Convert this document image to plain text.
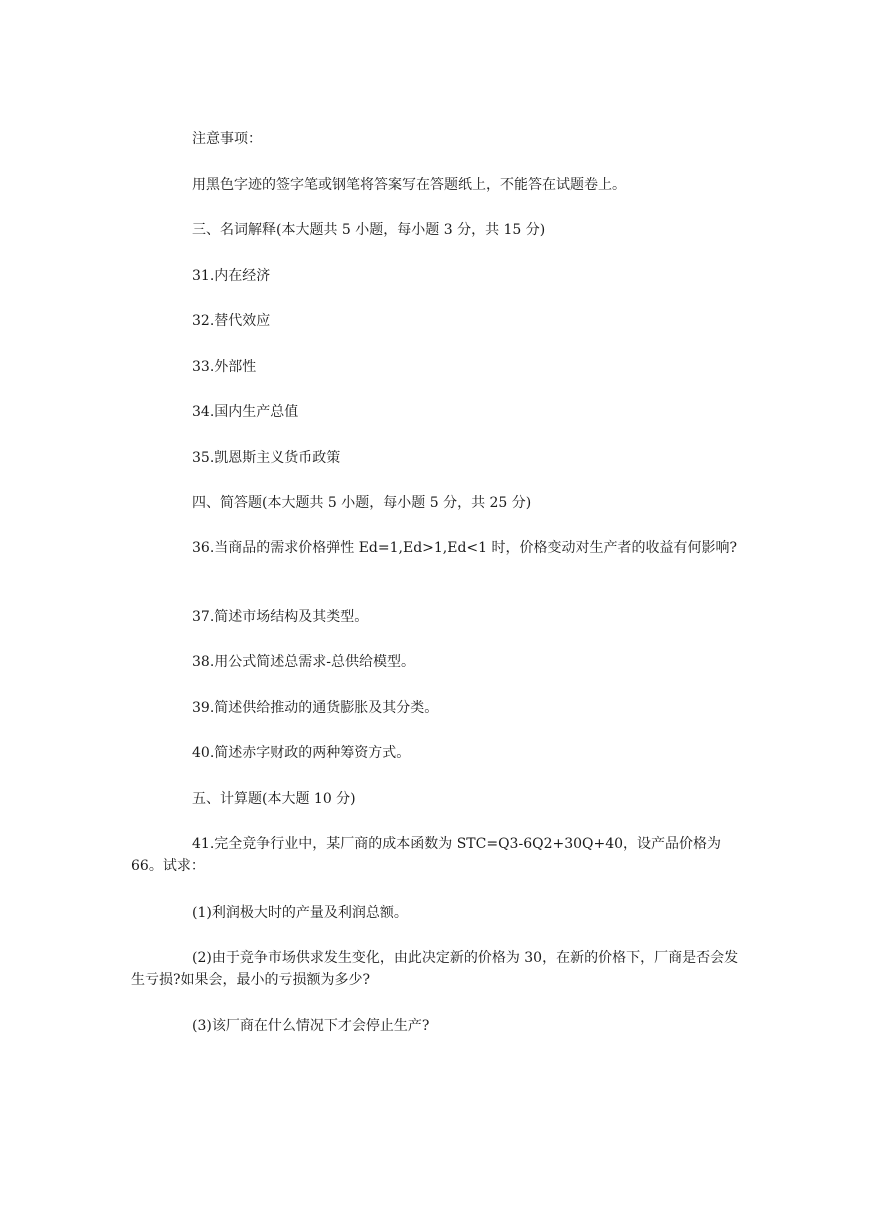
注意事项：
用黑色字迹的签字笔或钢笔将答案写在答题纸上，不能答在试题卷上。
三、名词解释(本大题共 5 小题，每小题 3 分，共 15 分)
31.内在经济
32.替代效应
33.外部性
34.国内生产总值
35.凯恩斯主义货币政策
四、简答题(本大题共 5 小题，每小题 5 分，共 25 分)
36.当商品的需求价格弹性 Ed=1,Ed>1,Ed<1 时，价格变动对生产者的收益有何影响?
37.简述市场结构及其类型。
38.用公式简述总需求-总供给模型。
39.简述供给推动的通货膨胀及其分类。
40.简述赤字财政的两种筹资方式。
五、计算题(本大题 10 分)
41.完全竞争行业中，某厂商的成本函数为 STC=Q3-6Q2+30Q+40，设产品价格为 66。试求：
(1)利润极大时的产量及利润总额。
(2)由于竞争市场供求发生变化，由此决定新的价格为 30，在新的价格下，厂商是否会发生亏损?如果会，最小的亏损额为多少?
(3)该厂商在什么情况下才会停止生产?
